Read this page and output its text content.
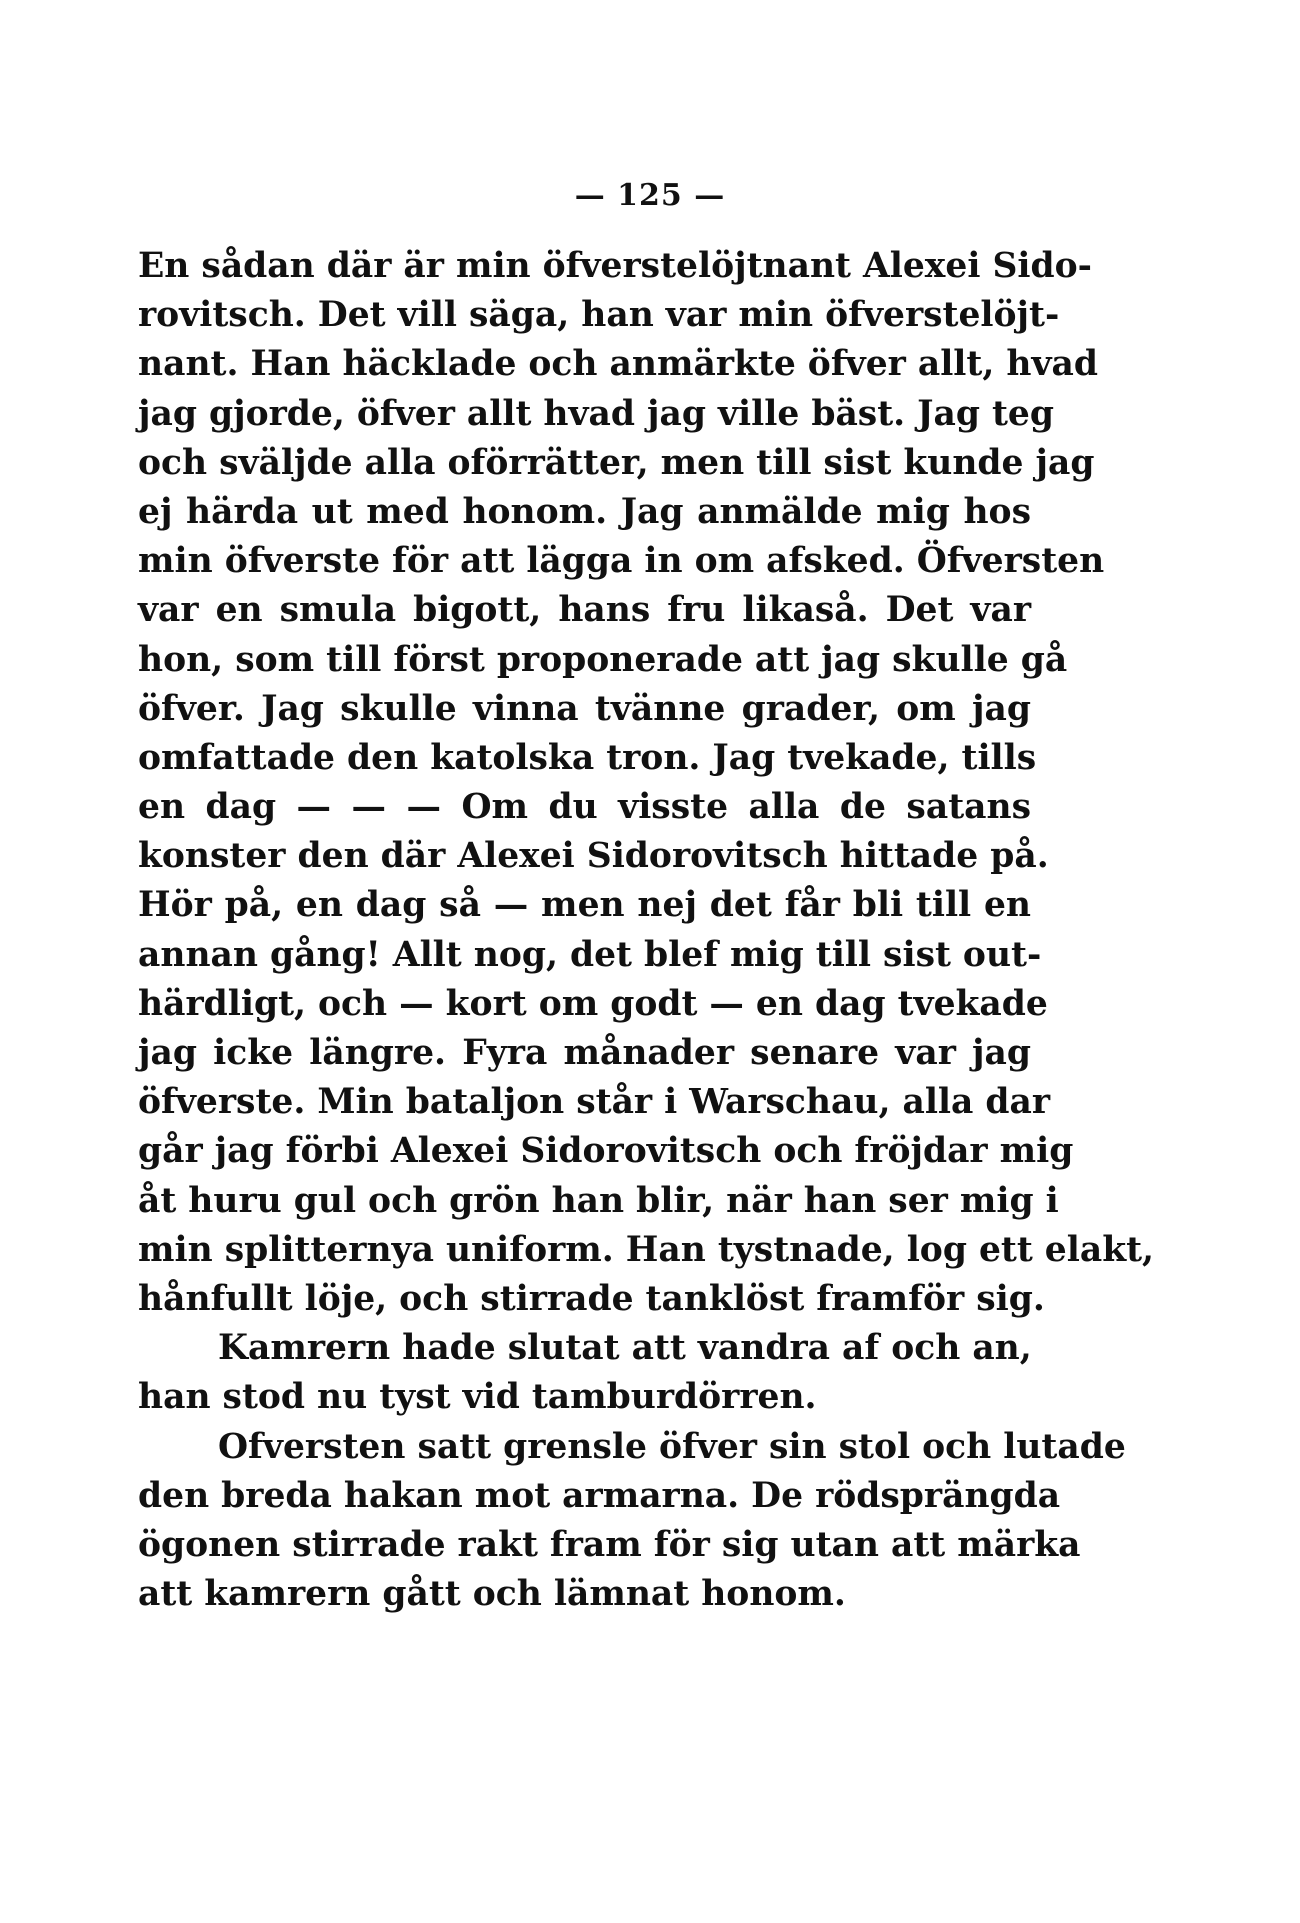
— 125 —
En sådan där är min öfverstelöjtnant Alexei Sido-
rovitsch. Det vill säga, han var min öfverstelöjt-
nant. Han häcklade och anmärkte öfver allt, hvad
jag gjorde, öfver allt hvad jag ville bäst. Jag teg
och sväljde alla oförrätter, men till sist kunde jag
ej härda ut med honom. Jag anmälde mig hos
min öfverste för att lägga in om afsked. Öfversten
var en smula bigott, hans fru likaså. Det var
hon, som till först proponerade att jag skulle gå
öfver. Jag skulle vinna tvänne grader, om jag
omfattade den katolska tron. Jag tvekade, tills
en dag — — — Om du visste alla de satans
konster den där Alexei Sidorovitsch hittade på.
Hör på, en dag så — men nej det får bli till en
annan gång! Allt nog, det blef mig till sist out-
härdligt, och — kort om godt — en dag tvekade
jag icke längre. Fyra månader senare var jag
öfverste. Min bataljon står i Warschau, alla dar
går jag förbi Alexei Sidorovitsch och fröjdar mig
åt huru gul och grön han blir, när han ser mig i
min splitternya uniform. Han tystnade, log ett elakt,
hånfullt löje, och stirrade tanklöst framför sig.
Kamrern hade slutat att vandra af och an,
han stod nu tyst vid tamburdörren.
Ofversten satt grensle öfver sin stol och lutade
den breda hakan mot armarna. De rödsprängda
ögonen stirrade rakt fram för sig utan att märka
att kamrern gått och lämnat honom.
